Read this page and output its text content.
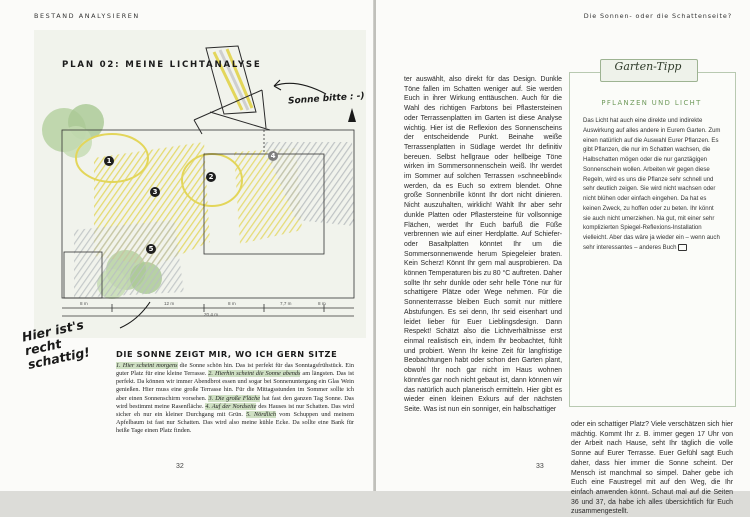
BESTAND ANALYSIEREN
32
PLAN 02: MEINE LICHTANALYSE
Sonne bitte : -)
Hier ist's recht schattig!
1
2
3
4
5
8 m	12 m	8 m	7,7 m	8 m
20,4 m
DIE SONNE ZEIGT MIR, WO ICH GERN SITZE

1. Hier scheint morgens die Sonne schön hin. Das ist perfekt für das Sonntagsfrühstück. Ein guter Platz für eine kleine Terrasse. 2. Hierhin scheint die Sonne abends am längsten. Das ist perfekt. Da können wir immer Abendbrot essen und sogar bei Sonnenuntergang ein Glas Wein genießen. Hier muss eine große Terrasse hin. Für die Mittagsstunden im Sommer sollte ich aber einen Sonnenschirm vorsehen. 3. Die große Fläche hat fast den ganzen Tag Sonne. Das wird bestimmt meine Rasenfläche. 4. Auf der Nordseite des Hauses ist nur Schatten. Das wird sicher eh nur ein kleiner Durchgang mit Grün. 5. Nördlich vom Schuppen und meinem Apfelbaum ist fast nur Schatten. Das wird also meine kühle Ecke. Da sollte eine Bank für heiße Tage einen Platz finden.

Die Sonnen- oder die Schattenseite?
33

ter auswählt, also direkt für das Design. Dunkle Töne fallen im Schatten weniger auf. Sie werden Euch in ihrer Wirkung enttäuschen. Auch für die Wahl des richtigen Farbtons bei Pflastersteinen oder Terrassenplatten im Garten ist diese Analyse wichtig. Hier ist die Reflexion des Sonnenscheins der entscheidende Punkt. Beinahe weiße Terrassenplatten in Südlage werdet Ihr definitiv bereuen. Selbst hellgraue oder hellbeige Töne wirken im Sommersonnenschein weiß. Ihr werdet im Sommer auf solchen Terrassen »schneeblind« werden, da es Euch so extrem blendet. Ohne große Sonnenbrille könnt Ihr dort nicht dinieren. Nicht auszuhalten, wirklich! Wählt Ihr aber sehr dunkle Platten oder Pflastersteine für vollsonnige Flächen, werdet Ihr Euch barfuß die Füße verbrennen wie auf einer Herdplatte. Auf Schiefer- oder Basaltplatten könntet Ihr um die Sommersonnenwende herum Spiegeleier braten. Kein Scherz! Könnt Ihr gern mal ausprobieren. Da können Temperaturen bis zu 80 °C auftreten. Daher sollte Ihr sehr dunkle oder sehr helle Töne nur für schattigere Plätze oder Wege nehmen. Für die Sonnenterrasse bleiben Euch somit nur mittlere Abstufungen. Es sei denn, Ihr seid eisenhart und leidet lieber für Euer Lieblingsdesign. Dann Respekt! Schätzt also die Lichtverhältnisse erst einmal realistisch ein, indem Ihr beobachtet, fühlt und probiert. Wenn Ihr keine Zeit für langfristige Beobachtungen habt oder schon den Garten plant, obwohl Ihr noch gar nicht im Haus wohnen könnt/es gar noch nicht gebaut ist, dann können wir das natürlich auch planerisch ermitteln. Hier gibt es wieder einen kleinen Exkurs auf der nächsten Seite. Was ist nun ein sonniger, ein halbschattiger

Garten-Tipp
PFLANZEN UND LICHT

Das Licht hat auch eine direkte und indirekte Auswirkung auf alles andere in Eurem Garten. Zum einen natürlich auf die Auswahl Eurer Pflanzen. Es gibt Pflanzen, die nur im Schatten wachsen, die Halbschatten mögen oder die nur ganztägigen Sonnenschein wollen. Arbeiten wir gegen diese Regeln, wird es uns die Pflanze sehr schnell und sehr deutlich zeigen. Sie wird nicht wachsen oder nicht blühen oder einfach eingehen. Da hat es keinen Zweck, zu hoffen oder zu beten. Ihr könnt sie auch nicht umerziehen. Na gut, mit einer sehr komplizierten Spiegel-Reflexions-Installation vielleicht. Aber das wäre ja wieder ein – wenn auch sehr interessantes – anderes Buch

oder ein schattiger Platz? Viele verschätzen sich hier mächtig. Kommt Ihr z. B. immer gegen 17 Uhr von der Arbeit nach Hause, seht Ihr täglich die volle Sonne auf Eurer Terrasse. Euer Gefühl sagt Euch daher, dass hier immer die Sonne scheint. Der Mensch ist manchmal so simpel. Daher gebe ich Euch eine Faustregel mit auf den Weg, die Ihr einfach anwenden könnt. Schaut mal auf die Seiten 36 und 37, da habe ich alles übersichtlich für Euch zusammengestellt.
